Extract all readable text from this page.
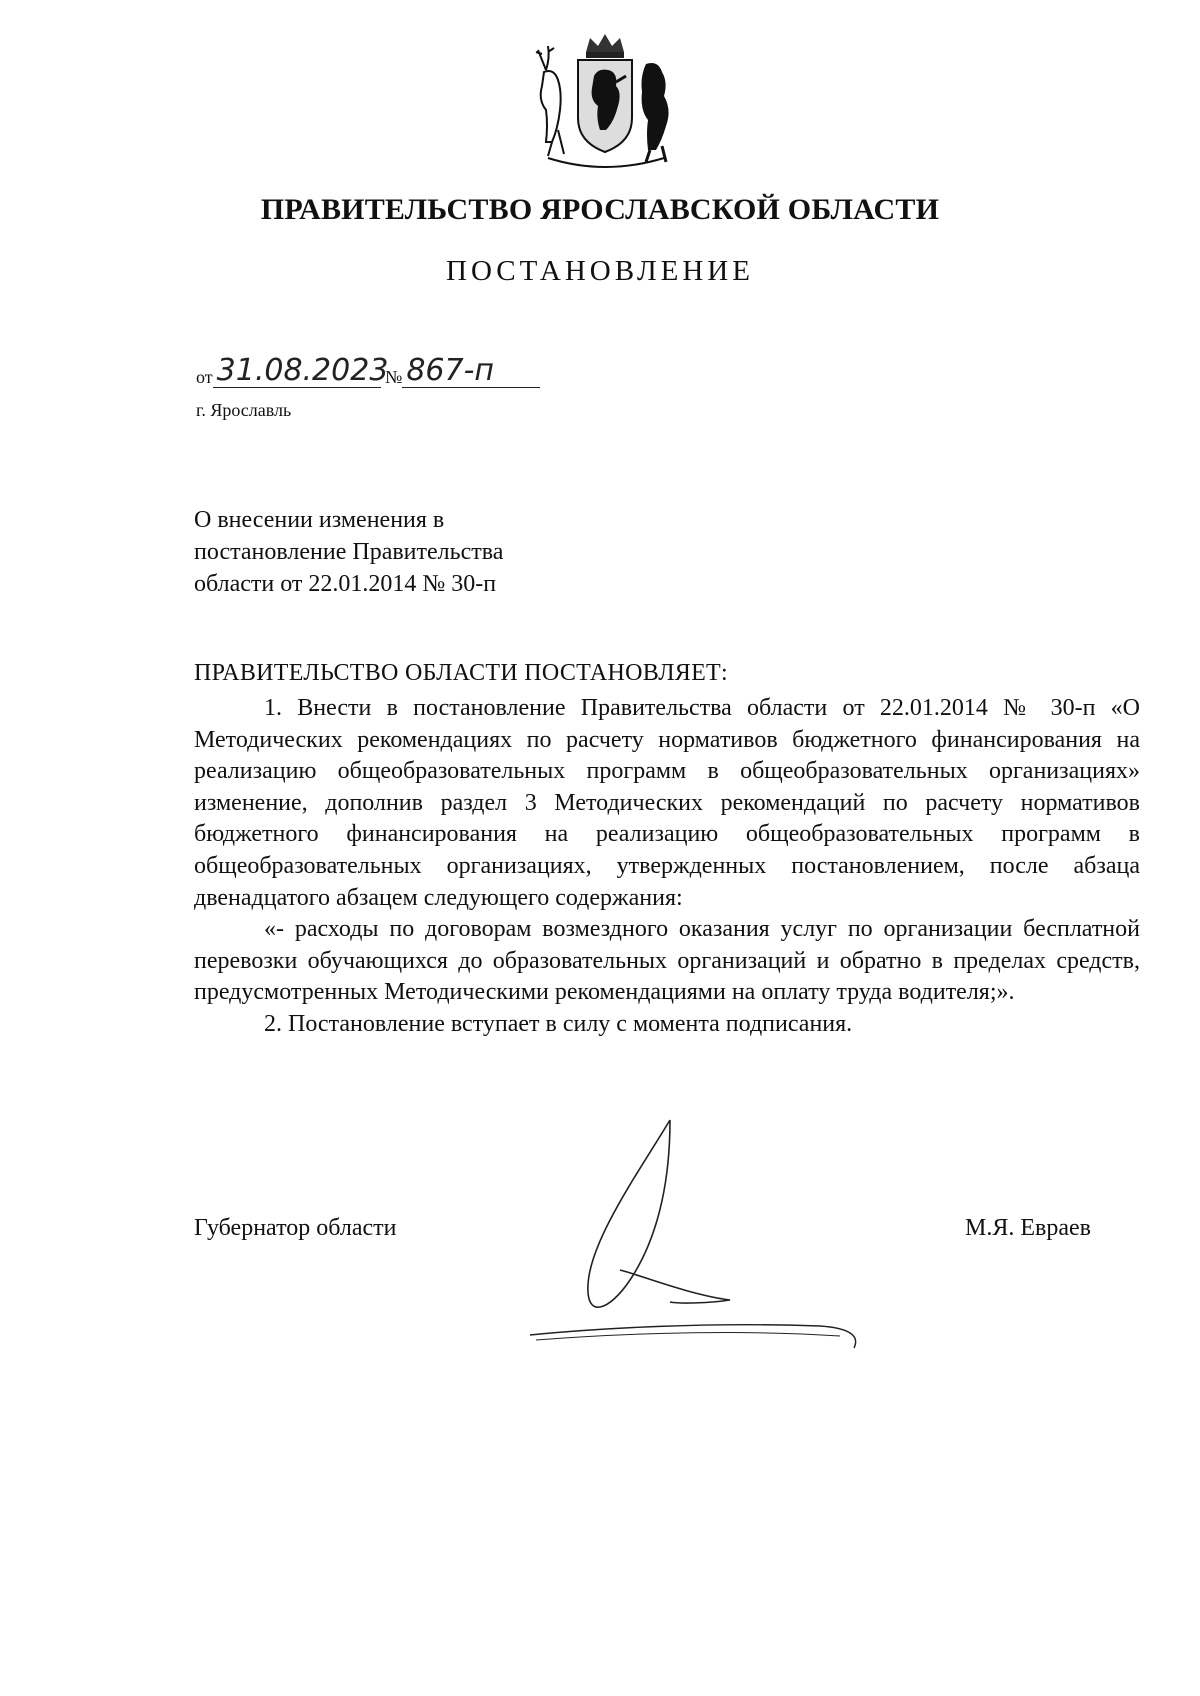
ПРАВИТЕЛЬСТВО ЯРОСЛАВСКОЙ ОБЛАСТИ
ПОСТАНОВЛЕНИЕ
от 31.08.2023 № 867-п
г. Ярославль
О внесении изменения в
постановление Правительства
области от 22.01.2014 № 30-п
ПРАВИТЕЛЬСТВО ОБЛАСТИ ПОСТАНОВЛЯЕТ:

1. Внести в постановление Правительства области от 22.01.2014 № 30-п «О Методических рекомендациях по расчету нормативов бюджетного финансирования на реализацию общеобразовательных программ в общеобразовательных организациях» изменение, дополнив раздел 3 Методических рекомендаций по расчету нормативов бюджетного финансирования на реализацию общеобразовательных программ в общеобразовательных организациях, утвержденных постановлением, после абзаца двенадцатого абзацем следующего содержания:

«- расходы по договорам возмездного оказания услуг по организации бесплатной перевозки обучающихся до образовательных организаций и обратно в пределах средств, предусмотренных Методическими рекомендациями на оплату труда водителя;».

2. Постановление вступает в силу с момента подписания.

Губернатор области	М.Я. Евраев
